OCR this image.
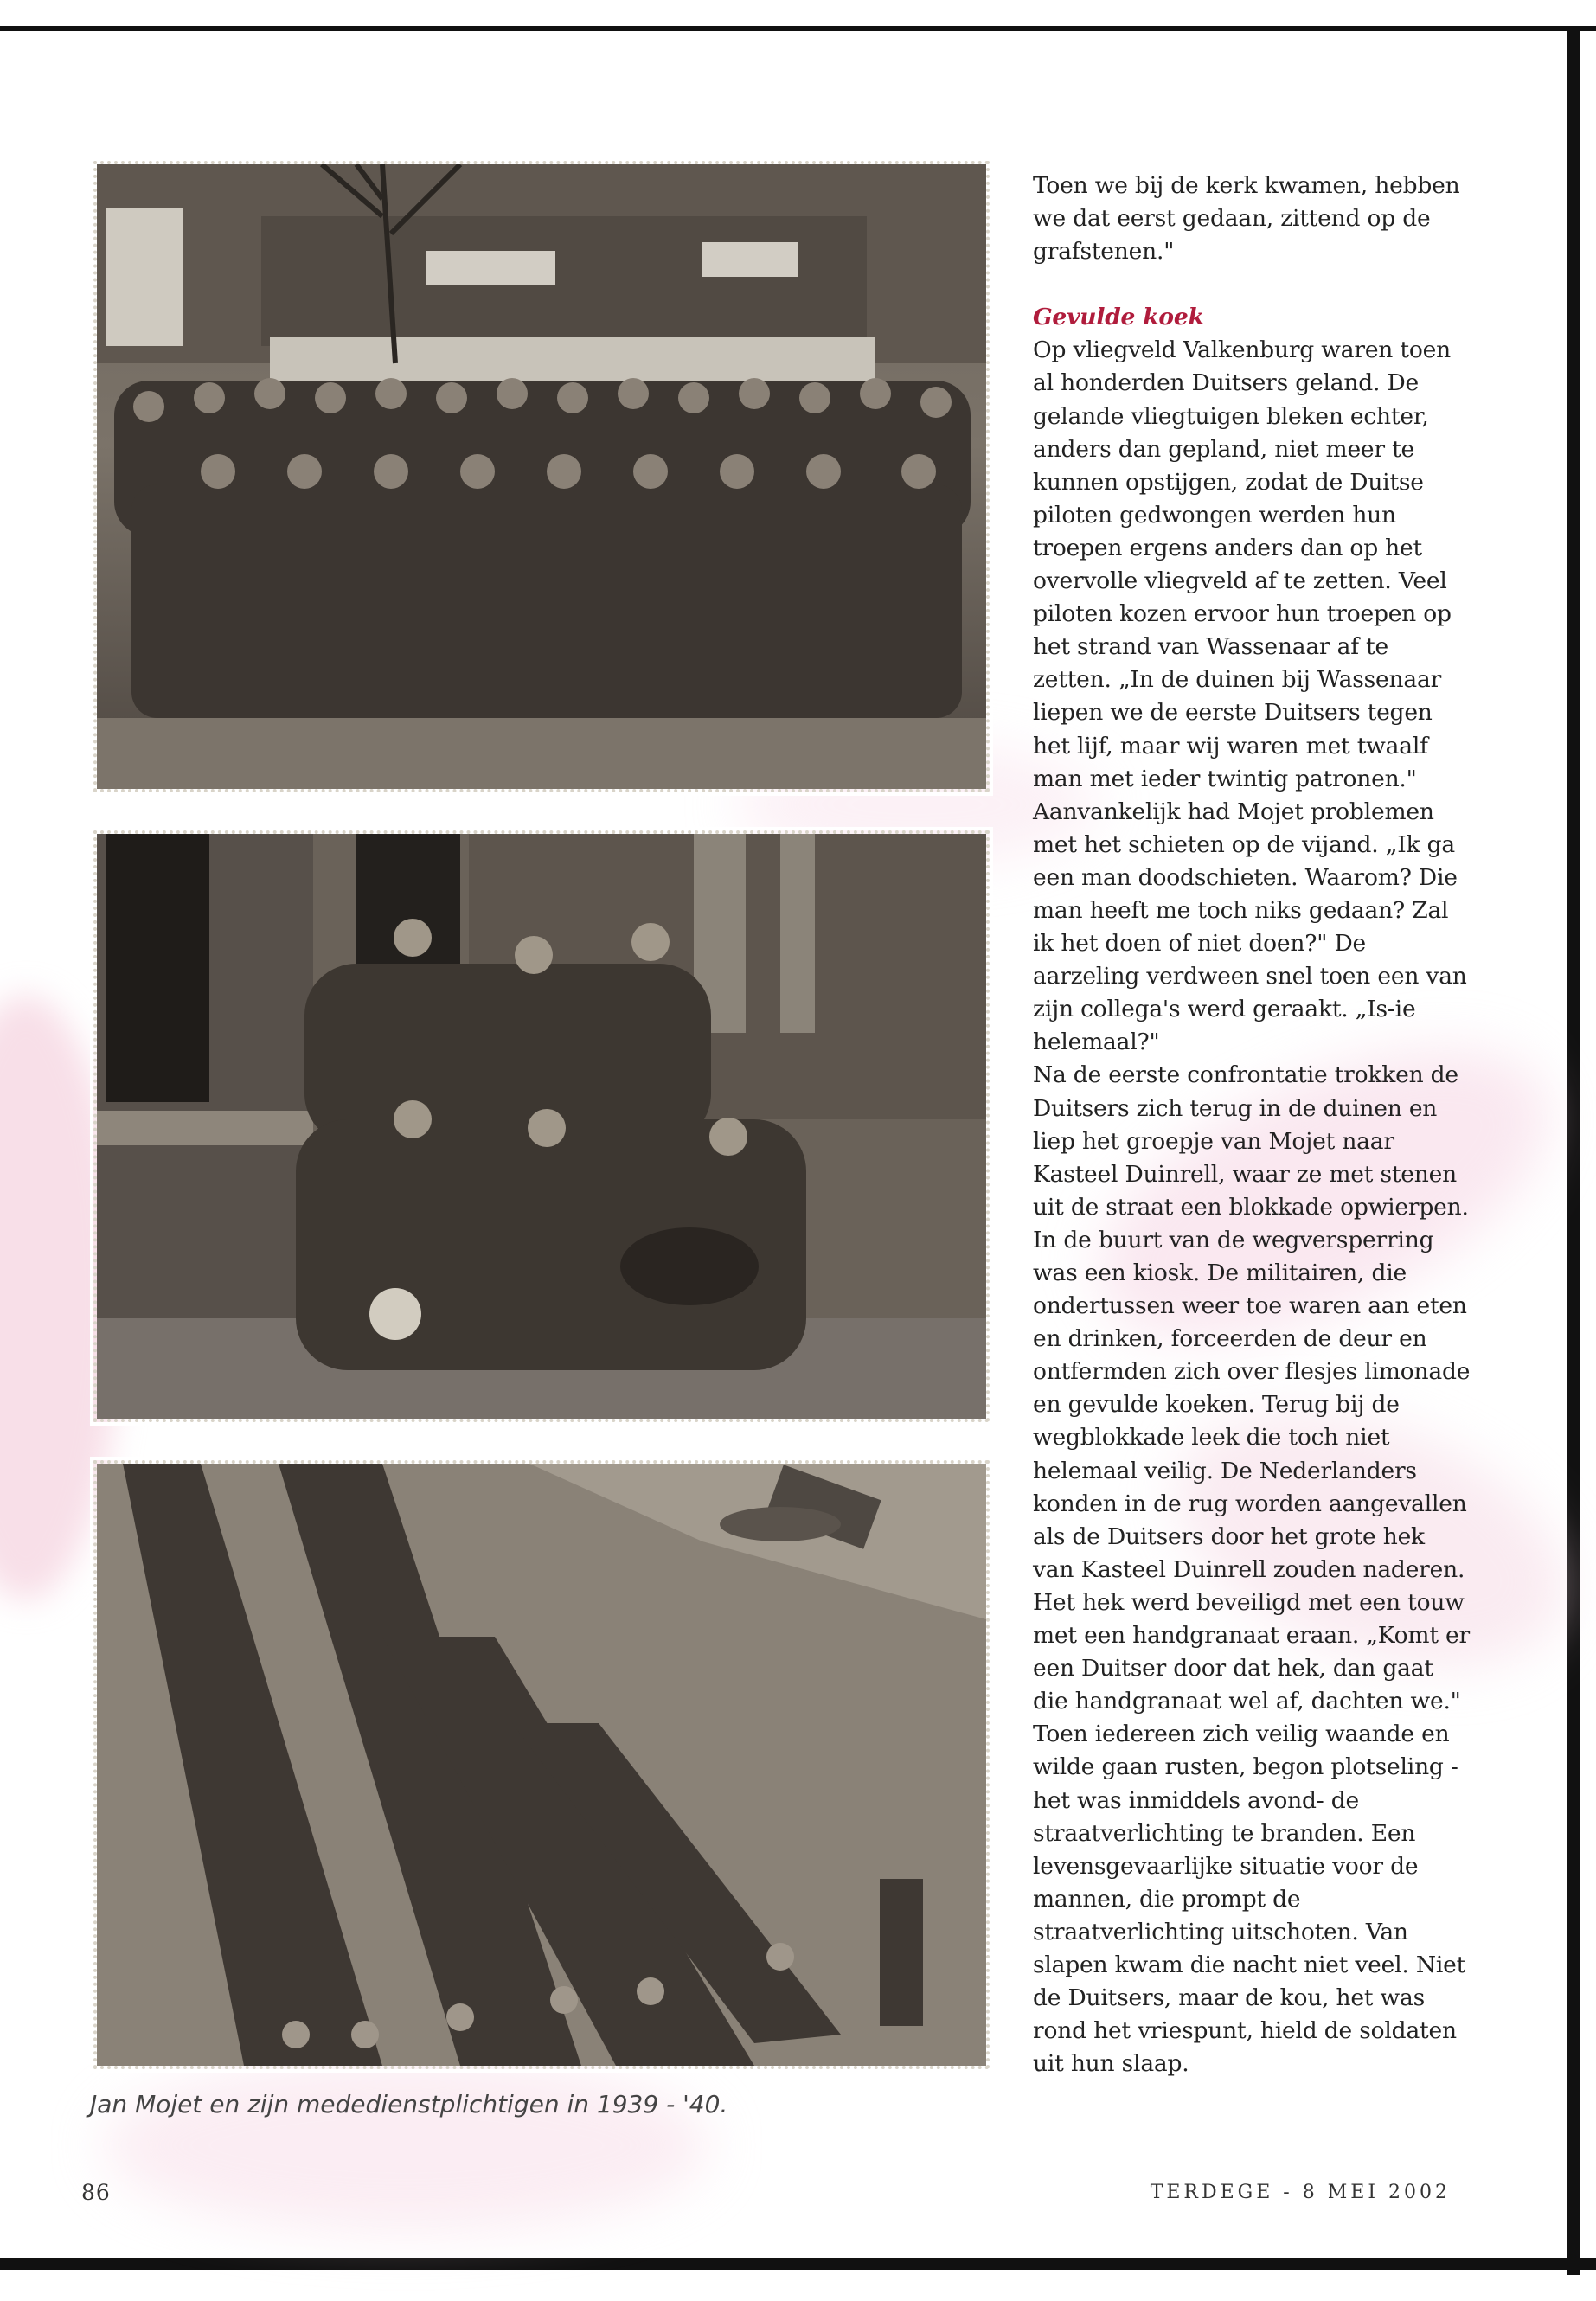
Jan Mojet en zijn mededienstplichtigen in 1939 - '40.

Toen we bij de kerk kwamen, hebben we dat eerst gedaan, zittend op de grafstenen."

Gevulde koek

Op vliegveld Valkenburg waren toen al honderden Duitsers geland. De gelande vliegtuigen bleken echter, anders dan gepland, niet meer te kunnen opstijgen, zodat de Duitse piloten gedwongen werden hun troepen ergens anders dan op het overvolle vliegveld af te zetten. Veel piloten kozen ervoor hun troepen op het strand van Wassenaar af te zetten. „In de duinen bij Wassenaar liepen we de eerste Duitsers tegen het lijf, maar wij waren met twaalf man met ieder twintig patronen." Aanvankelijk had Mojet problemen met het schieten op de vijand. „Ik ga een man doodschieten. Waarom? Die man heeft me toch niks gedaan? Zal ik het doen of niet doen?" De aarzeling verdween snel toen een van zijn collega's werd geraakt. „Is-ie helemaal?"

Na de eerste confrontatie trokken de Duitsers zich terug in de duinen en liep het groepje van Mojet naar Kasteel Duinrell, waar ze met stenen uit de straat een blokkade opwierpen. In de buurt van de wegversperring was een kiosk. De militairen, die ondertussen weer toe waren aan eten en drinken, forceerden de deur en ontfermden zich over flesjes limonade en gevulde koeken. Terug bij de wegblokkade leek die toch niet helemaal veilig. De Nederlanders konden in de rug worden aangevallen als de Duitsers door het grote hek van Kasteel Duinrell zouden naderen. Het hek werd beveiligd met een touw met een handgranaat eraan. „Komt er een Duitser door dat hek, dan gaat die handgranaat wel af, dachten we."

Toen iedereen zich veilig waande en wilde gaan rusten, begon plotseling -het was inmiddels avond- de straatverlichting te branden. Een levensgevaarlijke situatie voor de mannen, die prompt de straatverlichting uitschoten. Van slapen kwam die nacht niet veel. Niet de Duitsers, maar de kou, het was rond het vriespunt, hield de soldaten uit hun slaap.

86	TERDEGE - 8 MEI 2002
